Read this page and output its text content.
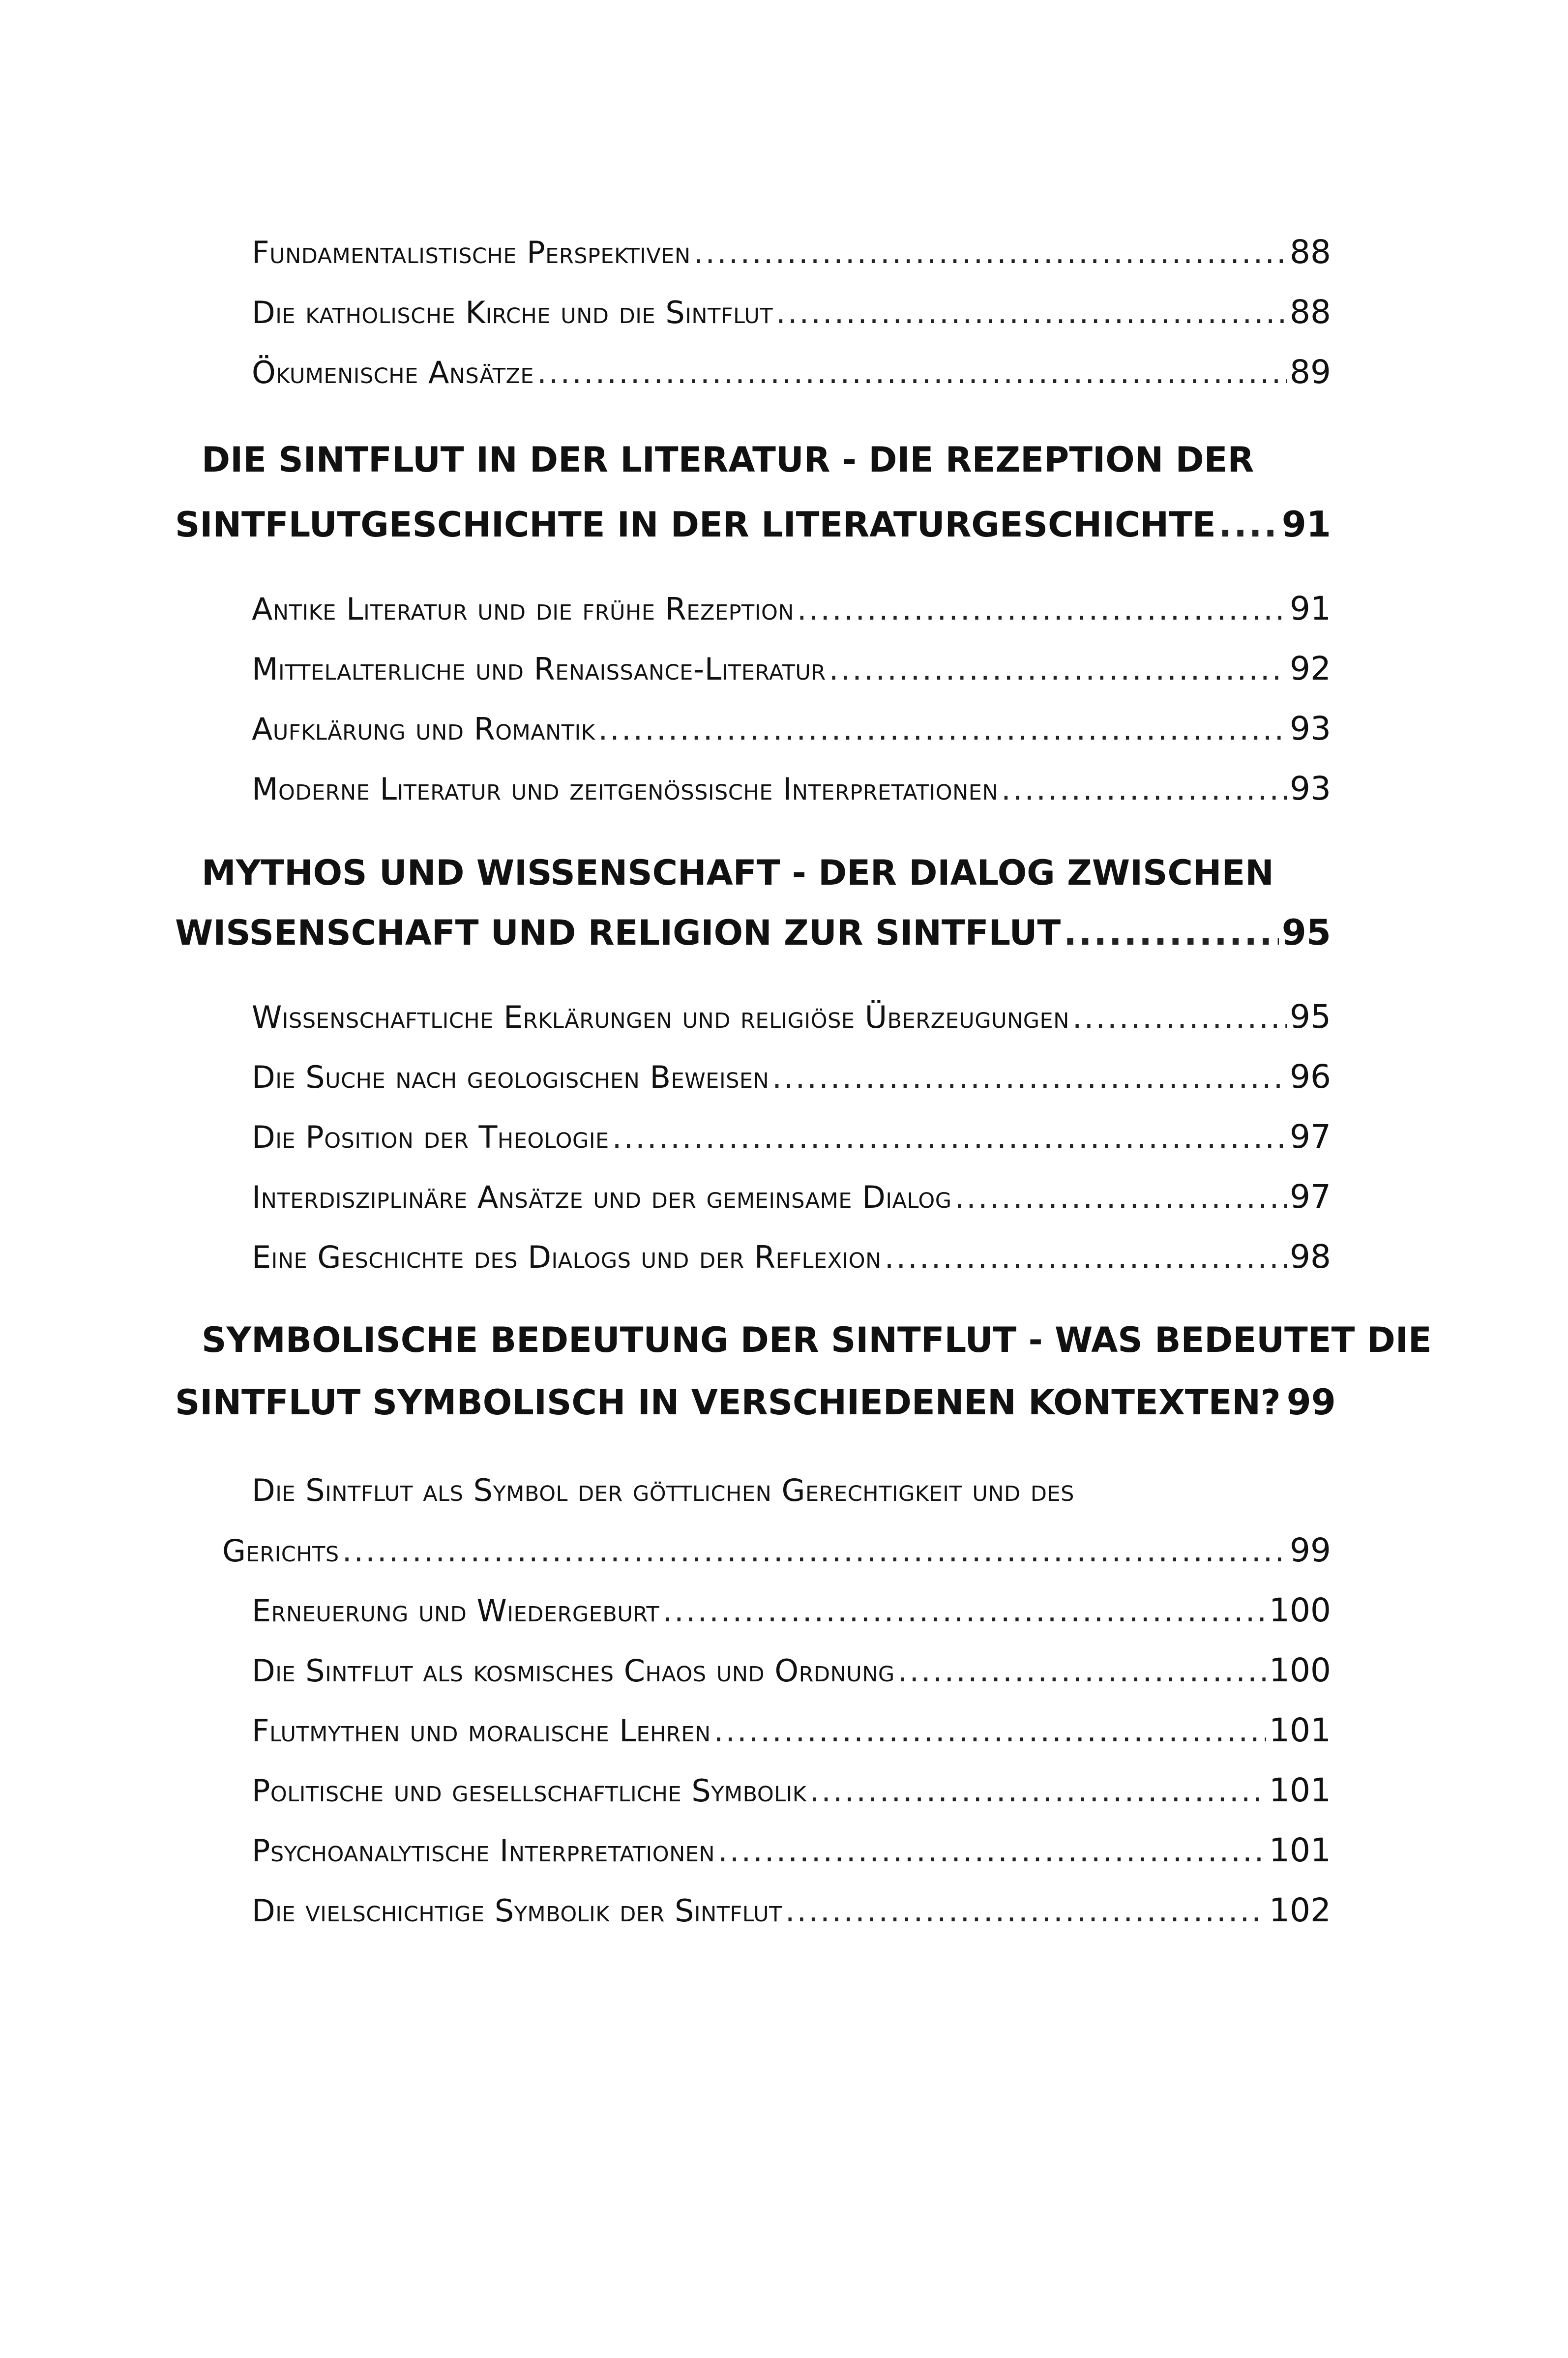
Fundamentalistische Perspektiven .....	88
Die katholische Kirche und die Sintflut .....	88
Ökumenische Ansätze .....	89
DIE SINTFLUT IN DER LITERATUR - DIE REZEPTION DER
SINTFLUTGESCHICHTE IN DER LITERATURGESCHICHTE ..... 91
Antike Literatur und die frühe Rezeption .....	91
Mittelalterliche und Renaissance-Literatur .....	92
Aufklärung und Romantik .....	93
Moderne Literatur und zeitgenössische Interpretationen .....	93
MYTHOS UND WISSENSCHAFT - DER DIALOG ZWISCHEN
WISSENSCHAFT UND RELIGION ZUR SINTFLUT .....	95
Wissenschaftliche Erklärungen und religiöse Überzeugungen .....	95
Die Suche nach geologischen Beweisen .....	96
Die Position der Theologie .....	97
Interdisziplinäre Ansätze und der gemeinsame Dialog .....	97
Eine Geschichte des Dialogs und der Reflexion .....	98
SYMBOLISCHE BEDEUTUNG DER SINTFLUT - WAS BEDEUTET DIE
SINTFLUT SYMBOLISCH IN VERSCHIEDENEN KONTEXTEN? 99
Die Sintflut als Symbol der göttlichen Gerechtigkeit und des
Gerichts .....	99
Erneuerung und Wiedergeburt .....	100
Die Sintflut als kosmisches Chaos und Ordnung .....	100
Flutmythen und moralische Lehren .....	101
Politische und gesellschaftliche Symbolik .....	101
Psychoanalytische Interpretationen .....	101
Die vielschichtige Symbolik der Sintflut .....	102
